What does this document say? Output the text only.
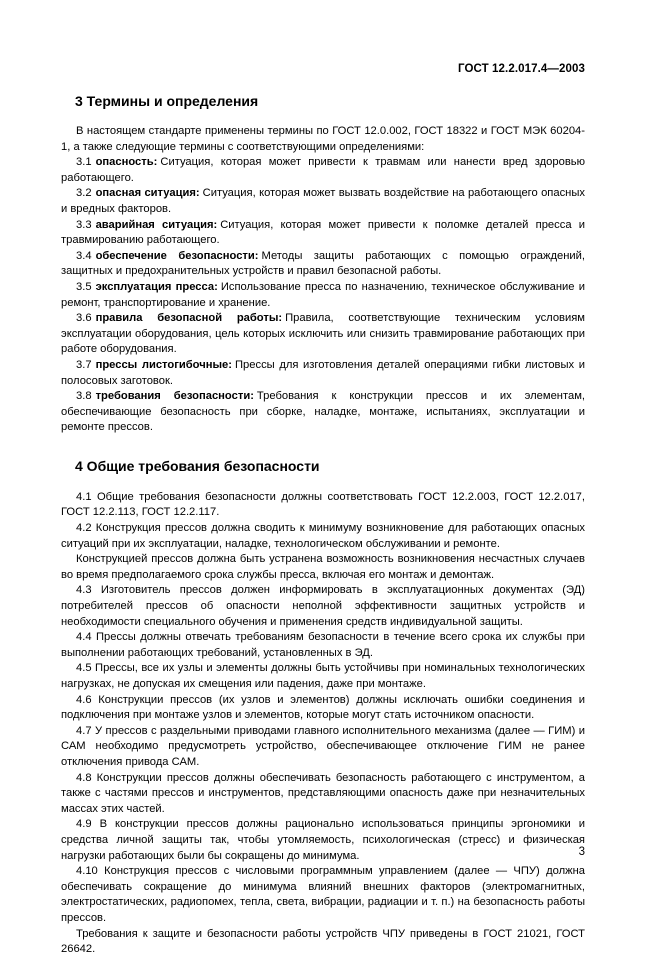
ГОСТ 12.2.017.4—2003
3 Термины и определения

В настоящем стандарте применены термины по ГОСТ 12.0.002, ГОСТ 18322 и ГОСТ МЭК 60204-1, а также следующие термины с соответствующими определениями:

3.1 опасность: Ситуация, которая может привести к травмам или нанести вред здоровью работающего.

3.2 опасная ситуация: Ситуация, которая может вызвать воздействие на работающего опасных и вредных факторов.

3.3 аварийная ситуация: Ситуация, которая может привести к поломке деталей пресса и травмированию работающего.

3.4 обеспечение безопасности: Методы защиты работающих с помощью ограждений, защитных и предохранительных устройств и правил безопасной работы.

3.5 эксплуатация пресса: Использование пресса по назначению, техническое обслуживание и ремонт, транспортирование и хранение.

3.6 правила безопасной работы: Правила, соответствующие техническим условиям эксплуатации оборудования, цель которых исключить или снизить травмирование работающих при работе оборудования.

3.7 прессы листогибочные: Прессы для изготовления деталей операциями гибки листовых и полосовых заготовок.

3.8 требования безопасности: Требования к конструкции прессов и их элементам, обеспечивающие безопасность при сборке, наладке, монтаже, испытаниях, эксплуатации и ремонте прессов.

4 Общие требования безопасности

4.1 Общие требования безопасности должны соответствовать ГОСТ 12.2.003, ГОСТ 12.2.017, ГОСТ 12.2.113, ГОСТ 12.2.117.

4.2 Конструкция прессов должна сводить к минимуму возникновение для работающих опасных ситуаций при их эксплуатации, наладке, технологическом обслуживании и ремонте.

Конструкцией прессов должна быть устранена возможность возникновения несчастных случаев во время предполагаемого срока службы пресса, включая его монтаж и демонтаж.

4.3 Изготовитель прессов должен информировать в эксплуатационных документах (ЭД) потребителей прессов об опасности неполной эффективности защитных устройств и необходимости специального обучения и применения средств индивидуальной защиты.

4.4 Прессы должны отвечать требованиям безопасности в течение всего срока их службы при выполнении работающих требований, установленных в ЭД.

4.5 Прессы, все их узлы и элементы должны быть устойчивы при номинальных технологических нагрузках, не допуская их смещения или падения, даже при монтаже.

4.6 Конструкции прессов (их узлов и элементов) должны исключать ошибки соединения и подключения при монтаже узлов и элементов, которые могут стать источником опасности.

4.7 У прессов с раздельными приводами главного исполнительного механизма (далее — ГИМ) и САМ необходимо предусмотреть устройство, обеспечивающее отключение ГИМ не ранее отключения привода САМ.

4.8 Конструкции прессов должны обеспечивать безопасность работающего с инструментом, а также с частями прессов и инструментов, представляющими опасность даже при незначительных массах этих частей.

4.9 В конструкции прессов должны рационально использоваться принципы эргономики и средства личной защиты так, чтобы утомляемость, психологическая (стресс) и физическая нагрузки работающих были бы сокращены до минимума.

4.10 Конструкция прессов с числовыми программным управлением (далее — ЧПУ) должна обеспечивать сокращение до минимума влияний внешних факторов (электромагнитных, электростатических, радиопомех, тепла, света, вибрации, радиации и т. п.) на безопасность работы прессов.

Требования к защите и безопасности работы устройств ЧПУ приведены в ГОСТ 21021, ГОСТ 26642.

3
